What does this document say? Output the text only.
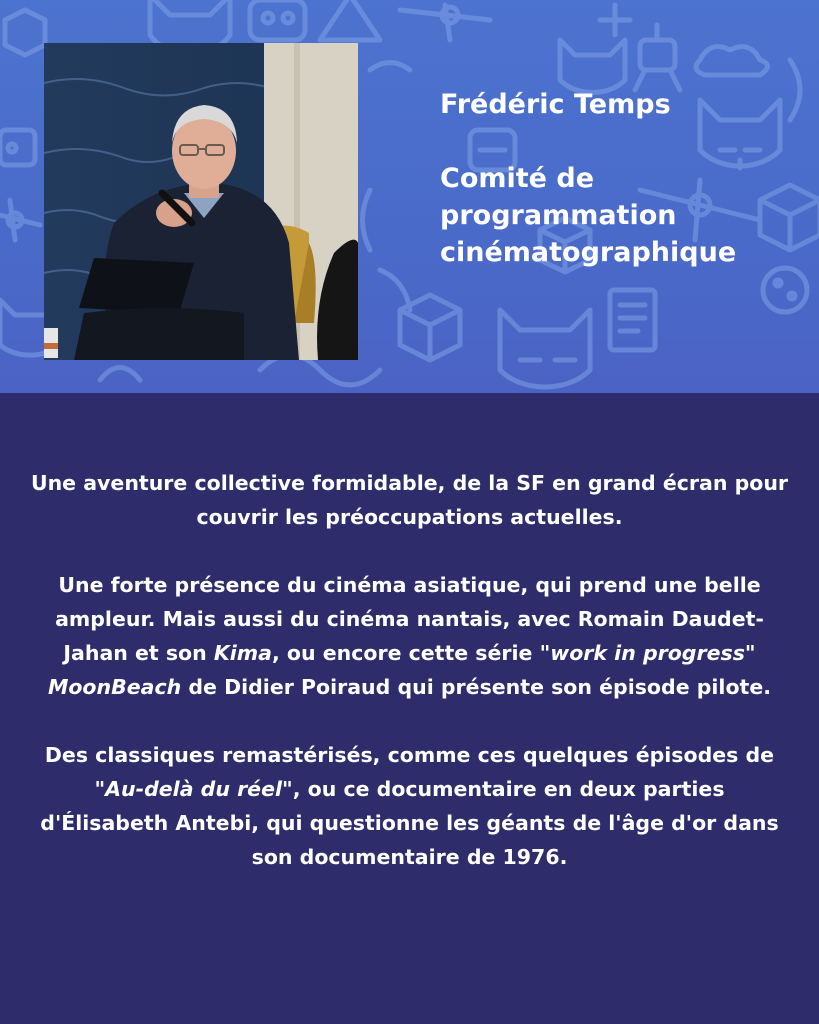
Frédéric Temps
Comité de programmation cinématographique

Une aventure collective formidable, de la SF en grand écran pour couvrir les préoccupations actuelles.

Une forte présence du cinéma asiatique, qui prend une belle ampleur. Mais aussi du cinéma nantais, avec Romain Daudet-Jahan et son Kima, ou encore cette série "work in progress" MoonBeach de Didier Poiraud qui présente son épisode pilote.

Des classiques remastérisés, comme ces quelques épisodes de "Au-delà du réel", ou ce documentaire en deux parties d'Élisabeth Antebi, qui questionne les géants de l'âge d'or dans son documentaire de 1976.
